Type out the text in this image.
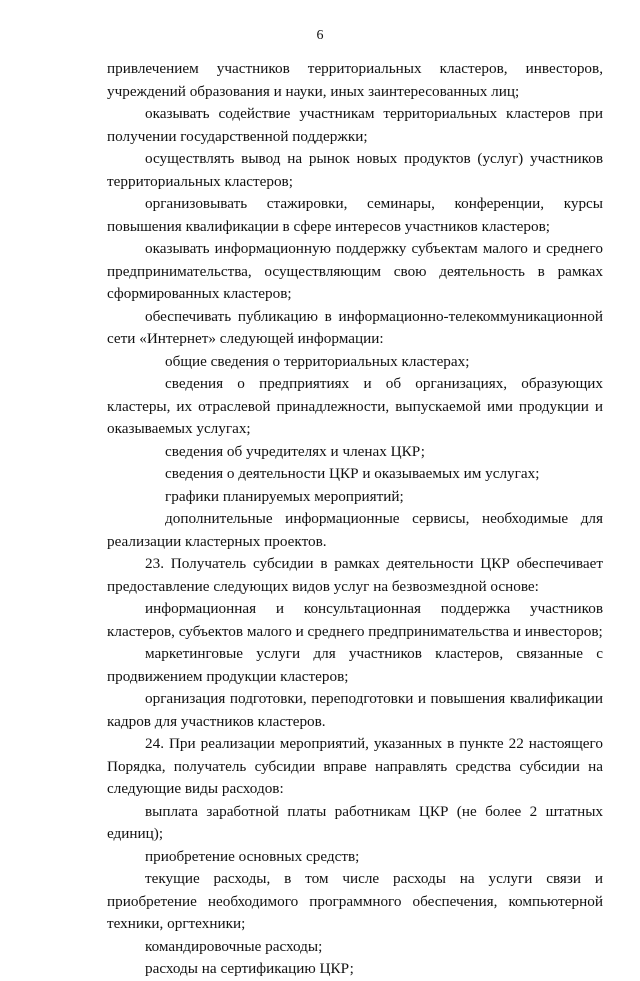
6

привлечением участников территориальных кластеров, инвесторов, учреждений образования и науки, иных заинтересованных лиц;

оказывать содействие участникам территориальных кластеров при получении государственной поддержки;

осуществлять вывод на рынок новых продуктов (услуг) участников территориальных кластеров;

организовывать стажировки, семинары, конференции, курсы повышения квалификации в сфере интересов участников кластеров;

оказывать информационную поддержку субъектам малого и среднего предпринимательства, осуществляющим свою деятельность в рамках сформированных кластеров;

обеспечивать публикацию в информационно-телекоммуникационной сети «Интернет» следующей информации:

общие сведения о территориальных кластерах;

сведения о предприятиях и об организациях, образующих кластеры, их отраслевой принадлежности, выпускаемой ими продукции и оказываемых услугах;

сведения об учредителях и членах ЦКР;

сведения о деятельности ЦКР и оказываемых им услугах;

графики планируемых мероприятий;

дополнительные информационные сервисы, необходимые для реализации кластерных проектов.

23. Получатель субсидии в рамках деятельности ЦКР обеспечивает предоставление следующих видов услуг на безвозмездной основе:

информационная и консультационная поддержка участников кластеров, субъектов малого и среднего предпринимательства и инвесторов;

маркетинговые услуги для участников кластеров, связанные с продвижением продукции кластеров;

организация подготовки, переподготовки и повышения квалификации кадров для участников кластеров.

24. При реализации мероприятий, указанных в пункте 22 настоящего Порядка, получатель субсидии вправе направлять средства субсидии на следующие виды расходов:

выплата заработной платы работникам ЦКР (не более 2 штатных единиц);

приобретение основных средств;

текущие расходы, в том числе расходы на услуги связи и приобретение необходимого программного обеспечения, компьютерной техники, оргтехники;

командировочные расходы;

расходы на сертификацию ЦКР;
